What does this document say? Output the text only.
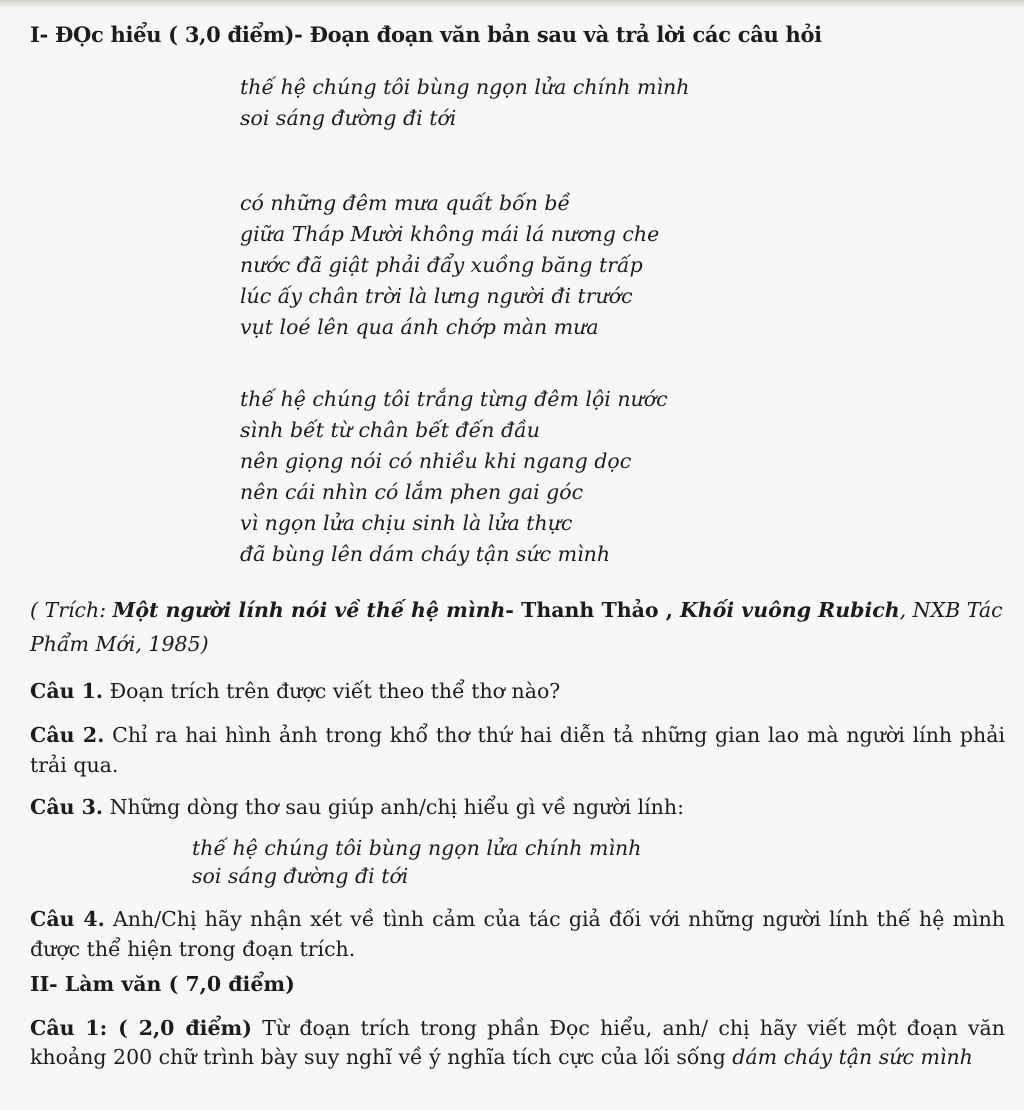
I- ĐỌc hiểu ( 3,0 điểm)- Đoạn đoạn văn bản sau và trả lời các câu hỏi
thế hệ chúng tôi bùng ngọn lửa chính mình
soi sáng đường đi tới
có những đêm mưa quất bốn bề
giữa Tháp Mười không mái lá nương che
nước đã giật phải đẩy xuồng băng trấp
lúc ấy chân trời là lưng người đi trước
vụt loé lên qua ánh chớp màn mưa
thế hệ chúng tôi trắng từng đêm lội nước
sình bết từ chân bết đến đầu
nên giọng nói có nhiều khi ngang dọc
nên cái nhìn có lắm phen gai góc
vì ngọn lửa chịu sinh là lửa thực
đã bùng lên dám cháy tận sức mình
( Trích: Một người lính nói về thế hệ mình- Thanh Thảo , Khối vuông Rubich, NXB Tác Phẩm Mới, 1985)
Câu 1. Đoạn trích trên được viết theo thể thơ nào?
Câu 2. Chỉ ra hai hình ảnh trong khổ thơ thứ hai diễn tả những gian lao mà người lính phải trải qua.
Câu 3. Những dòng thơ sau giúp anh/chị hiểu gì về người lính:
thế hệ chúng tôi bùng ngọn lửa chính mình
soi sáng đường đi tới
Câu 4. Anh/Chị hãy nhận xét về tình cảm của tác giả đối với những người lính thế hệ mình được thể hiện trong đoạn trích.
II- Làm văn ( 7,0 điểm)
Câu 1: ( 2,0 điểm) Từ đoạn trích trong phần Đọc hiểu, anh/ chị hãy viết một đoạn văn khoảng 200 chữ trình bày suy nghĩ về ý nghĩa tích cực của lối sống dám cháy tận sức mình
